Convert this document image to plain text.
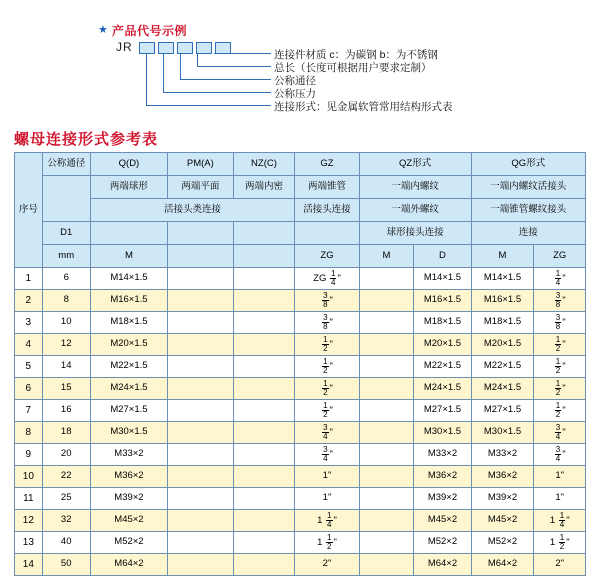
★ 产品代号示例
JR
连接件材质 c：为碳钢 b：为不锈钢
总长（长度可根据用户要求定制）
公称通径
公称压力
连接形式：见金属软管常用结构形式表
螺母连接形式参考表
序号	公称通径	Q(D)	PM(A)	NZ(C)	GZ	QZ形式		QG形式	
		两端球形	两端平面	两端内密	两端锥管	一端内螺纹		一端内螺纹活接头	
		活接头类连接			活接头连接	一端外螺纹		一端锥管螺纹接头	
	D1					球形接头连接		连接	
	mm	M			ZG	M	D	M	ZG
1	6	M14×1.5			ZG $\frac{1}{4}$ "		M14×1.5	M14×1.5	$\frac{1}{4}$ "
2	8	M16×1.5			$\frac{3}{8}$ "		M16×1.5	M16×1.5	$\frac{3}{8}$ "
3	10	M18×1.5			$\frac{3}{8}$ "		M18×1.5	M18×1.5	$\frac{3}{8}$ "
4	12	M20×1.5			$\frac{1}{2}$ "		M20×1.5	M20×1.5	$\frac{1}{2}$ "
5	14	M22×1.5			$\frac{1}{2}$ "		M22×1.5	M22×1.5	$\frac{1}{2}$ "
6	15	M24×1.5			$\frac{1}{2}$ "		M24×1.5	M24×1.5	$\frac{1}{2}$ "
7	16	M27×1.5			$\frac{1}{2}$ "		M27×1.5	M27×1.5	$\frac{1}{2}$ "
8	18	M30×1.5			$\frac{3}{4}$ "		M30×1.5	M30×1.5	$\frac{3}{4}$ "
9	20	M33×2			$\frac{3}{4}$ "		M33×2	M33×2	$\frac{3}{4}$ "
10	22	M36×2			1"		M36×2	M36×2	1"
11	25	M39×2			1"		M39×2	M39×2	1"
12	32	M45×2			$1 \frac{1}{4}$ "		M45×2	M45×2	$1 \frac{1}{4}$ "
13	40	M52×2			$1 \frac{1}{2}$ "		M52×2	M52×2	$1 \frac{1}{2}$ "
14	50	M64×2			2"		M64×2	M64×2	2"
